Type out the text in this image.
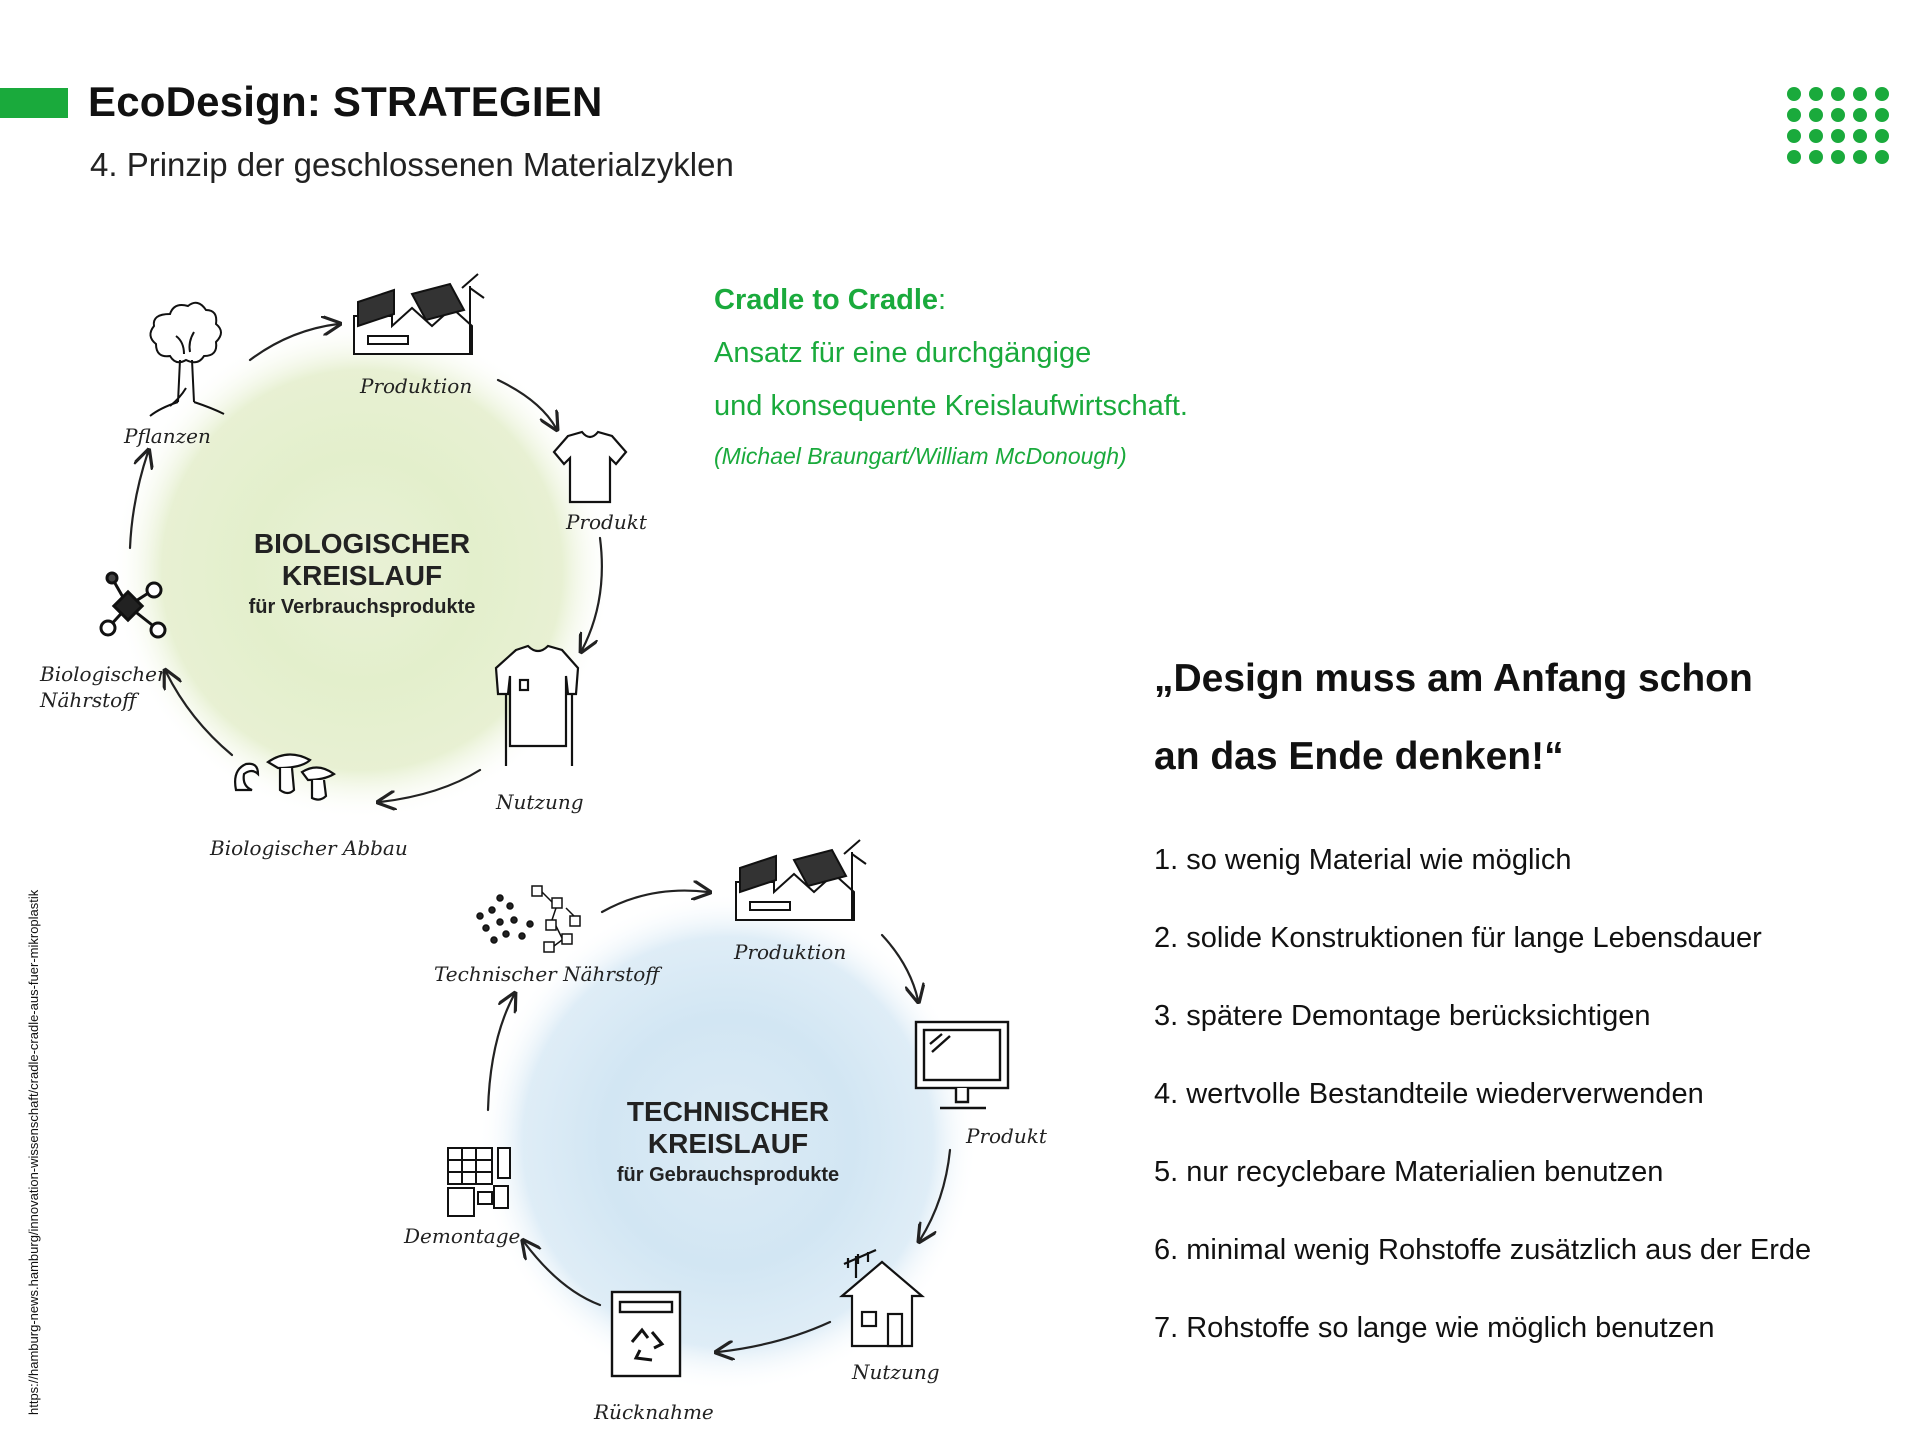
EcoDesign: STRATEGIEN
4. Prinzip der geschlossenen Materialzyklen
Cradle to Cradle:
Ansatz für eine durchgängige
und konsequente Kreislaufwirtschaft.
(Michael Braungart/William McDonough)
„Design muss am Anfang schon
an das Ende denken!“
1. so wenig Material wie möglich
2. solide Konstruktionen für lange Lebensdauer
3. spätere Demontage berücksichtigen
4. wertvolle Bestandteile wiederverwenden
5. nur recyclebare Materialien benutzen
6. minimal wenig Rohstoffe zusätzlich aus der Erde
7. Rohstoffe so lange wie möglich benutzen
https://hamburg-news.hamburg/innovation-wissenschaft/cradle-cradle-aus-fuer-mikroplastik
BIOLOGISCHER
KREISLAUF
für Verbrauchsprodukte
TECHNISCHER
KREISLAUF
für Gebrauchsprodukte
Produktion
Produkt
Nutzung
Biologischer Abbau
Biologischer
Nährstoff
Pflanzen
Produktion
Produkt
Nutzung
Rücknahme
Demontage
Technischer Nährstoff
